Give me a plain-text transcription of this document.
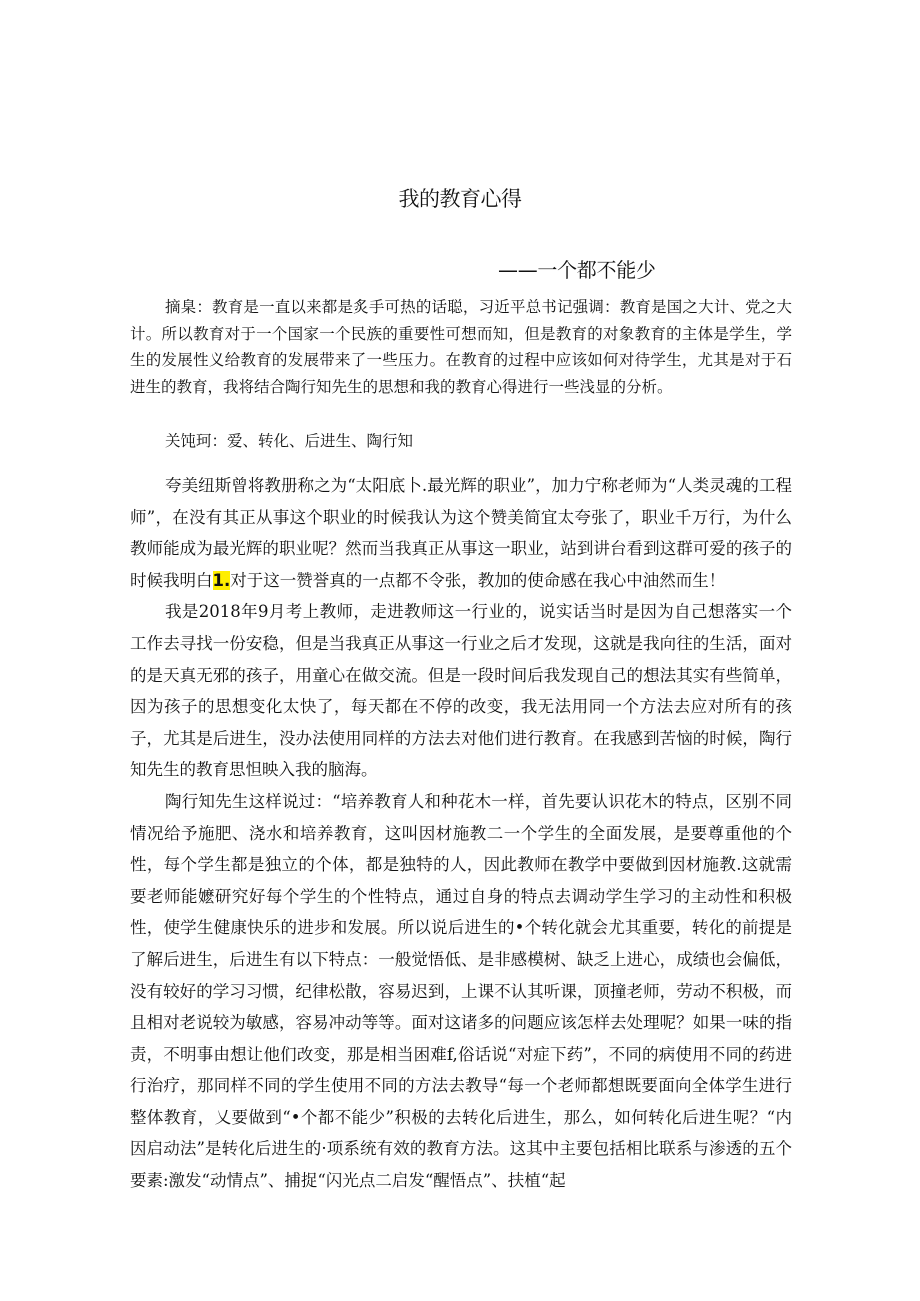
我的教育心得
——一个都不能少

摘臬：教育是一直以来都是炙手可热的话聪，习近平总书记强调：教育是国之大计、党之大计。所以教育对于一个国家一个民族的重要性可想而知，但是教育的对象教育的主体是学生，学生的发展性义给教育的发展带来了一些压力。在教育的过程中应该如何对待学生，尤其是对于石进生的教育，我将结合陶行知先生的思想和我的教育心得进行一些浅显的分析。

关饨珂：爱、转化、后进生、陶行知

夸美纽斯曾将教册称之为“太阳底卜.最光辉的职业”，加力宁称老师为“人类灵魂的工程师”，在没有其正从事这个职业的时候我认为这个赞美简宜太夸张了，职业千万行，为什么教师能成为最光辉的职业呢？然而当我真正从事这一职业，站到讲台看到这群可爱的孩子的时候我明白1.对于这一赞誉真的一点都不令张，教加的使命感在我心中油然而生！

我是2018年9月考上教师，走进教师这一行业的，说实话当时是因为自己想落实一个工作去寻找一份安稳，但是当我真正从事这一行业之后才发现，这就是我向往的生活，面对的是天真无邪的孩子，用童心在做交流。但是一段时间后我发现自己的想法其实有些简单，因为孩子的思想变化太快了，每天都在不停的改变，我无法用同一个方法去应对所有的孩子，尤其是后进生，没办法使用同样的方法去对他们进行教育。在我感到苦恼的时候，陶行知先生的教育思怛映入我的脑海。

陶行知先生这样说过：“培养教育人和种花木一样，首先要认识花木的特点，区别不同情况给予施肥、浇水和培养教育，这叫因材施教二一个学生的全面发展，是要尊重他的个性，每个学生都是独立的个体，都是独特的人，因此教师在教学中要做到因材施教.这就需要老师能嬷研究好每个学生的个性特点，通过自身的特点去调动学生学习的主动性和积极性，使学生健康快乐的进步和发展。所以说后进生的•个转化就会尤其重要，转化的前提是了解后进生，后进生有以下特点：一般觉悟低、是非感模树、缺乏上进心，成绩也会偏低，没有较好的学习习惯，纪律松散，容易迟到，上课不认其听课，顶撞老师，劳动不积极，而且相对老说较为敏感，容易冲动等等。面对这诸多的问题应该怎样去处理呢？如果一味的指责，不明事由想让他们改变，那是相当困难f,俗话说“对症下药”，不同的病使用不同的药进行治疗，那同样不同的学生使用不同的方法去教导“每一个老师都想既要面向全体学生进行整体教育，乂要做到“•个都不能少”积极的去转化后进生，那么，如何转化后进生呢？“内因启动法”是转化后进生的·项系统有效的教育方法。这其中主要包括相比联系与渗透的五个要素:激发“动情点”、捕捉“闪光点二启发“醒悟点”、扶植“起
